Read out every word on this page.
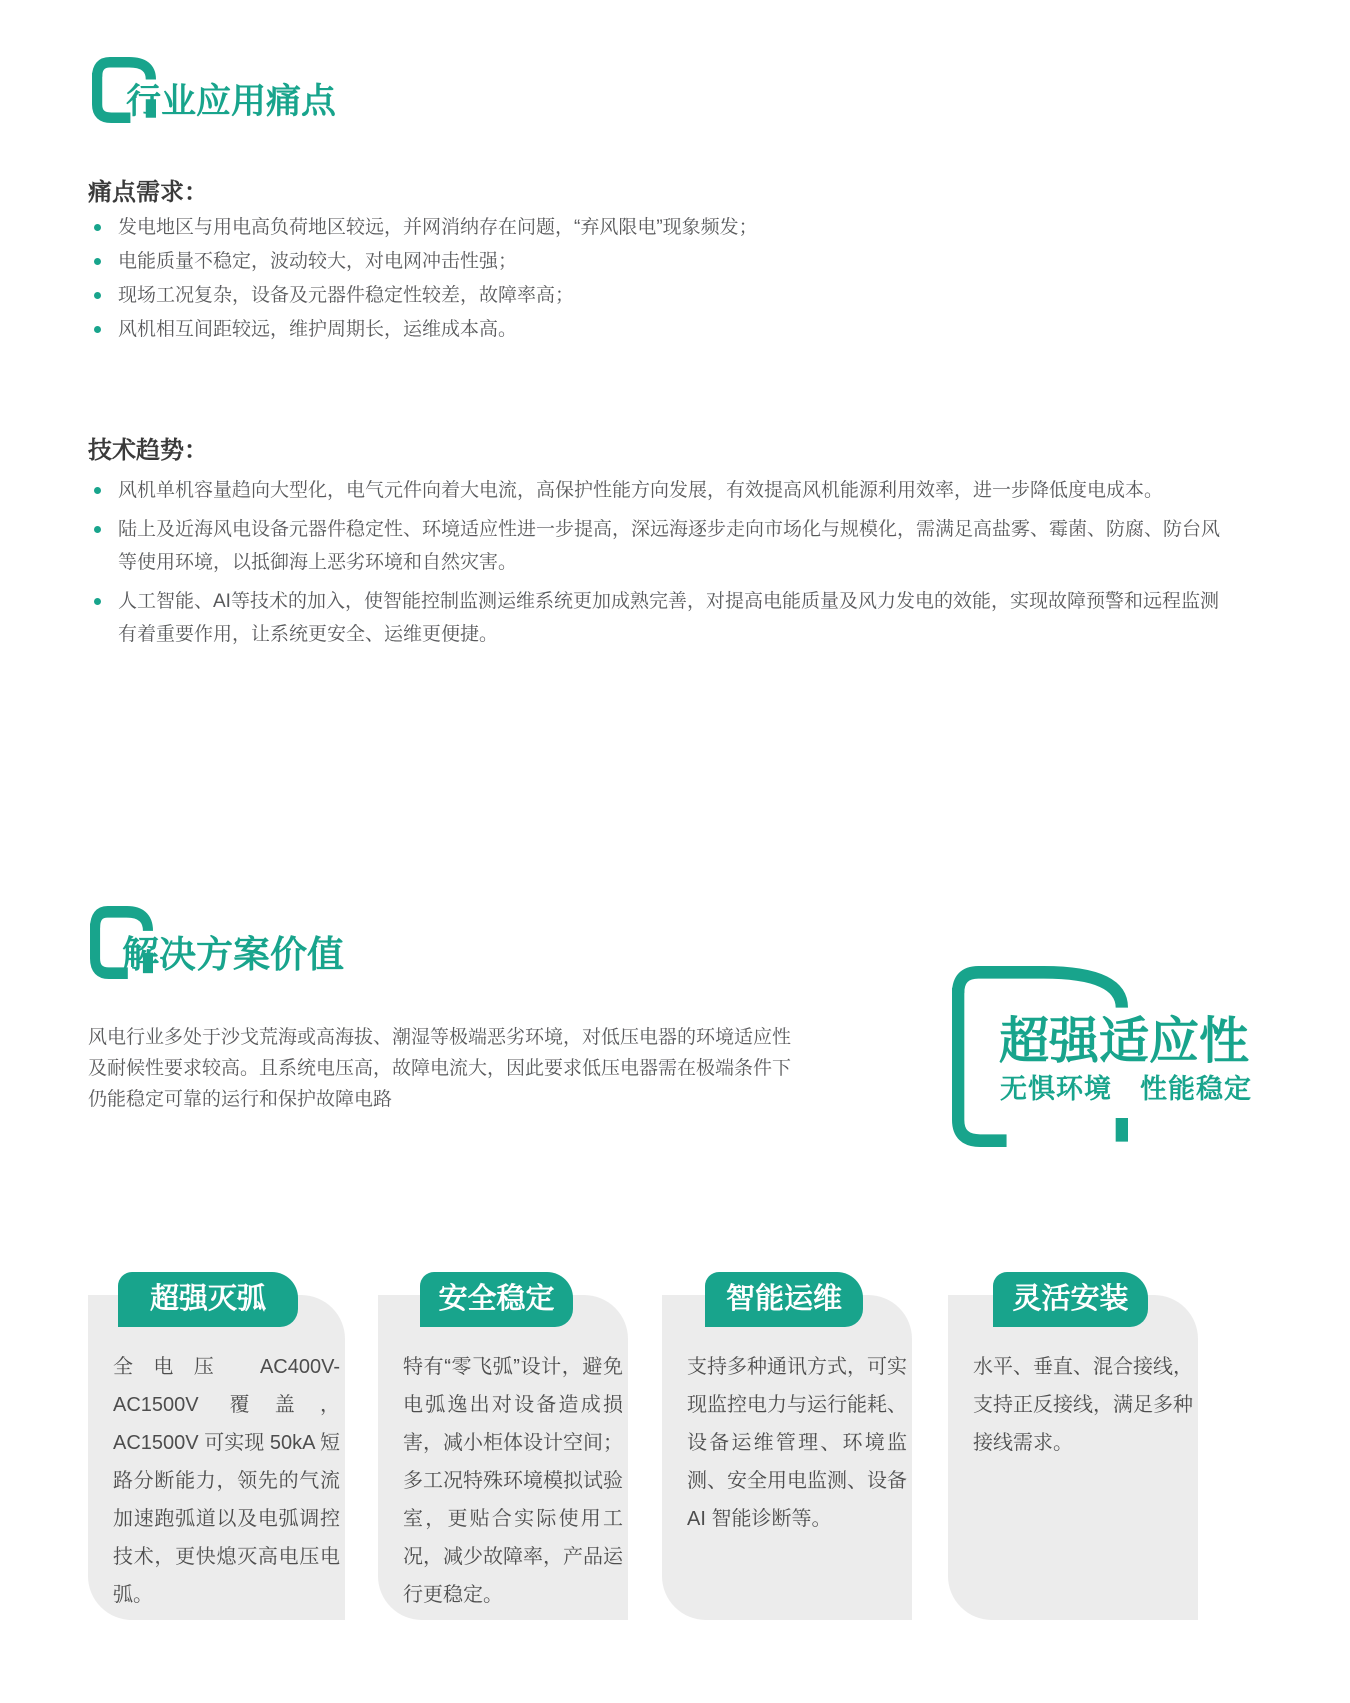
行业应用痛点
痛点需求：
发电地区与用电高负荷地区较远，并网消纳存在问题，“弃风限电”现象频发；
电能质量不稳定，波动较大，对电网冲击性强；
现场工况复杂，设备及元器件稳定性较差，故障率高；
风机相互间距较远，维护周期长，运维成本高。
技术趋势：
风机单机容量趋向大型化，电气元件向着大电流，高保护性能方向发展，有效提高风机能源利用效率，进一步降低度电成本。
陆上及近海风电设备元器件稳定性、环境适应性进一步提高，深远海逐步走向市场化与规模化，需满足高盐雾、霉菌、防腐、防台风等使用环境，以抵御海上恶劣环境和自然灾害。
人工智能、AI等技术的加入，使智能控制监测运维系统更加成熟完善，对提高电能质量及风力发电的效能，实现故障预警和远程监测有着重要作用，让系统更安全、运维更便捷。
解决方案价值

风电行业多处于沙戈荒海或高海拔、潮湿等极端恶劣环境，对低压电器的环境适应性及耐候性要求较高。且系统电压高，故障电流大，因此要求低压电器需在极端条件下仍能稳定可靠的运行和保护故障电路

超强适应性
无惧环境　性能稳定
超强灭弧

全电压 AC400V-AC1500V 覆盖，AC1500V 可实现 50kA 短路分断能力，领先的气流加速跑弧道以及电弧调控技术，更快熄灭高电压电弧。

安全稳定

特有“零飞弧”设计，避免电弧逸出对设备造成损害，减小柜体设计空间；多工况特殊环境模拟试验室，更贴合实际使用工况，减少故障率，产品运行更稳定。

智能运维

支持多种通讯方式，可实现监控电力与运行能耗、设备运维管理、环境监测、安全用电监测、设备 AI 智能诊断等。

灵活安装

水平、垂直、混合接线，支持正反接线，满足多种接线需求。
